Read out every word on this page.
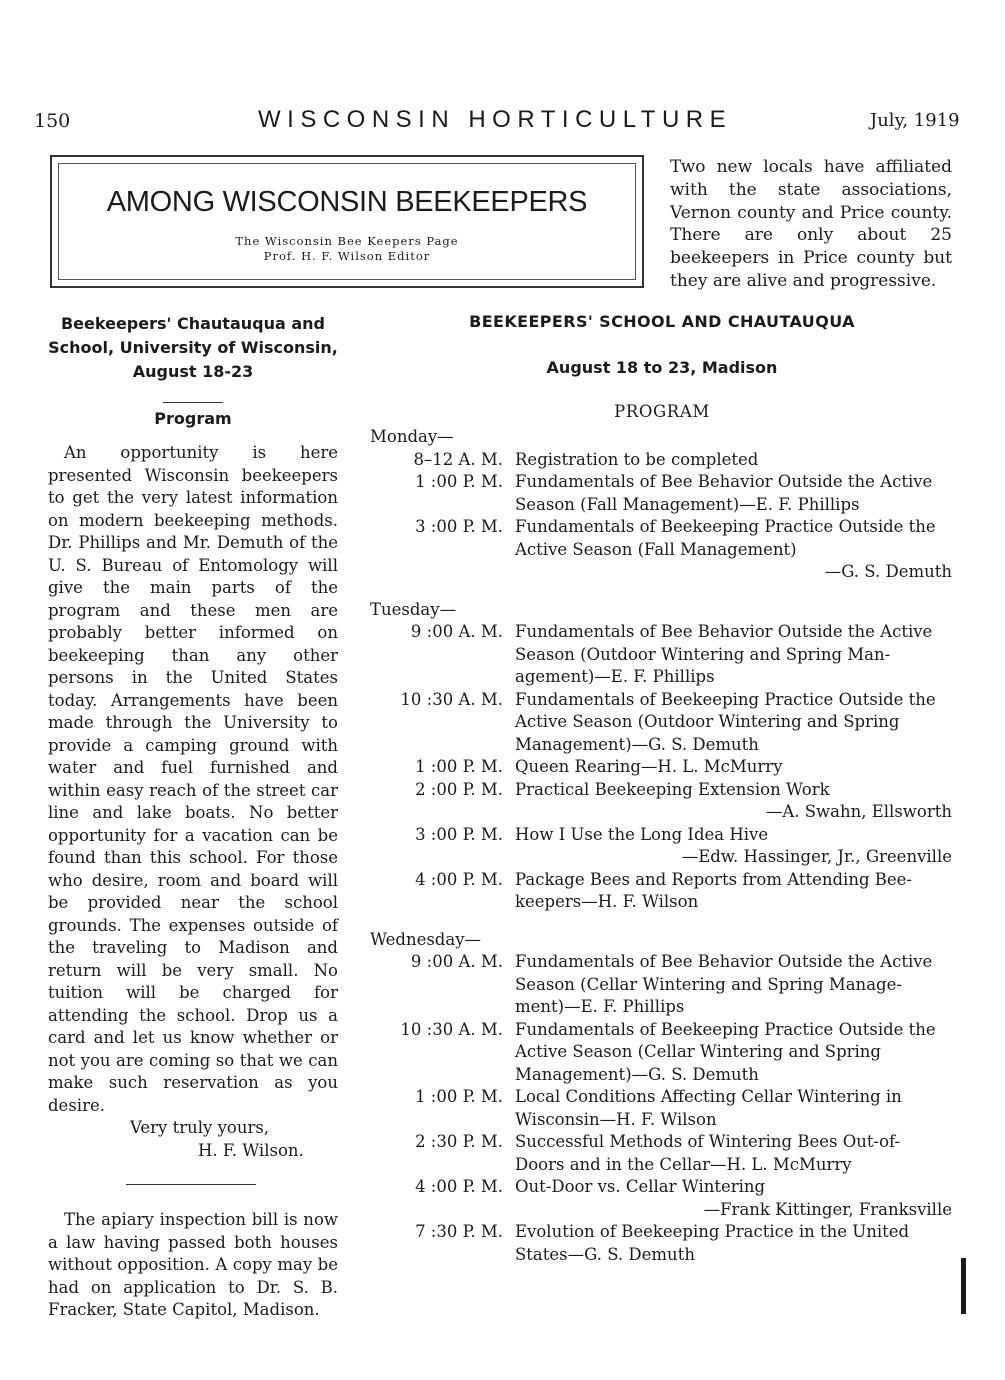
150	WISCONSIN HORTICULTURE	July, 1919
AMONG WISCONSIN BEEKEEPERS
The Wisconsin Bee Keepers Page
Prof. H. F. Wilson Editor
Two new locals have affiliated with the state associations, Vernon county and Price county. There are only about 25 beekeepers in Price county but they are alive and progressive.
Beekeepers' Chautauqua and School, University of Wisconsin, August 18-23
Program
An opportunity is here presented Wisconsin beekeepers to get the very latest information on modern beekeeping methods. Dr. Phillips and Mr. Demuth of the U. S. Bureau of Entomology will give the main parts of the program and these men are probably better informed on beekeeping than any other persons in the United States today. Arrangements have been made through the University to provide a camping ground with water and fuel furnished and within easy reach of the street car line and lake boats. No better opportunity for a vacation can be found than this school. For those who desire, room and board will be provided near the school grounds. The expenses outside of the traveling to Madison and return will be very small. No tuition will be charged for attending the school. Drop us a card and let us know whether or not you are coming so that we can make such reservation as you desire.
Very truly yours,
H. F. Wilson.
The apiary inspection bill is now a law having passed both houses without opposition. A copy may be had on application to Dr. S. B. Fracker, State Capitol, Madison.
BEEKEEPERS' SCHOOL AND CHAUTAUQUA
August 18 to 23, Madison
PROGRAM
Monday—
8–12 A. M. Registration to be completed
1 :00 P. M. Fundamentals of Bee Behavior Outside the Active
Season (Fall Management)—E. F. Phillips
3 :00 P. M. Fundamentals of Beekeeping Practice Outside the
Active Season (Fall Management)
—G. S. Demuth
Tuesday—
9 :00 A. M. Fundamentals of Bee Behavior Outside the Active
Season (Outdoor Wintering and Spring Man-
agement)—E. F. Phillips
10 :30 A. M. Fundamentals of Beekeeping Practice Outside the
Active Season (Outdoor Wintering and Spring
Management)—G. S. Demuth
1 :00 P. M. Queen Rearing—H. L. McMurry
2 :00 P. M. Practical Beekeeping Extension Work
—A. Swahn, Ellsworth
3 :00 P. M. How I Use the Long Idea Hive
—Edw. Hassinger, Jr., Greenville
4 :00 P. M. Package Bees and Reports from Attending Bee-
keepers—H. F. Wilson
Wednesday—
9 :00 A. M. Fundamentals of Bee Behavior Outside the Active
Season (Cellar Wintering and Spring Manage-
ment)—E. F. Phillips
10 :30 A. M. Fundamentals of Beekeeping Practice Outside the
Active Season (Cellar Wintering and Spring
Management)—G. S. Demuth
1 :00 P. M. Local Conditions Affecting Cellar Wintering in
Wisconsin—H. F. Wilson
2 :30 P. M. Successful Methods of Wintering Bees Out-of-
Doors and in the Cellar—H. L. McMurry
4 :00 P. M. Out-Door vs. Cellar Wintering
—Frank Kittinger, Franksville
7 :30 P. M. Evolution of Beekeeping Practice in the United
States—G. S. Demuth
